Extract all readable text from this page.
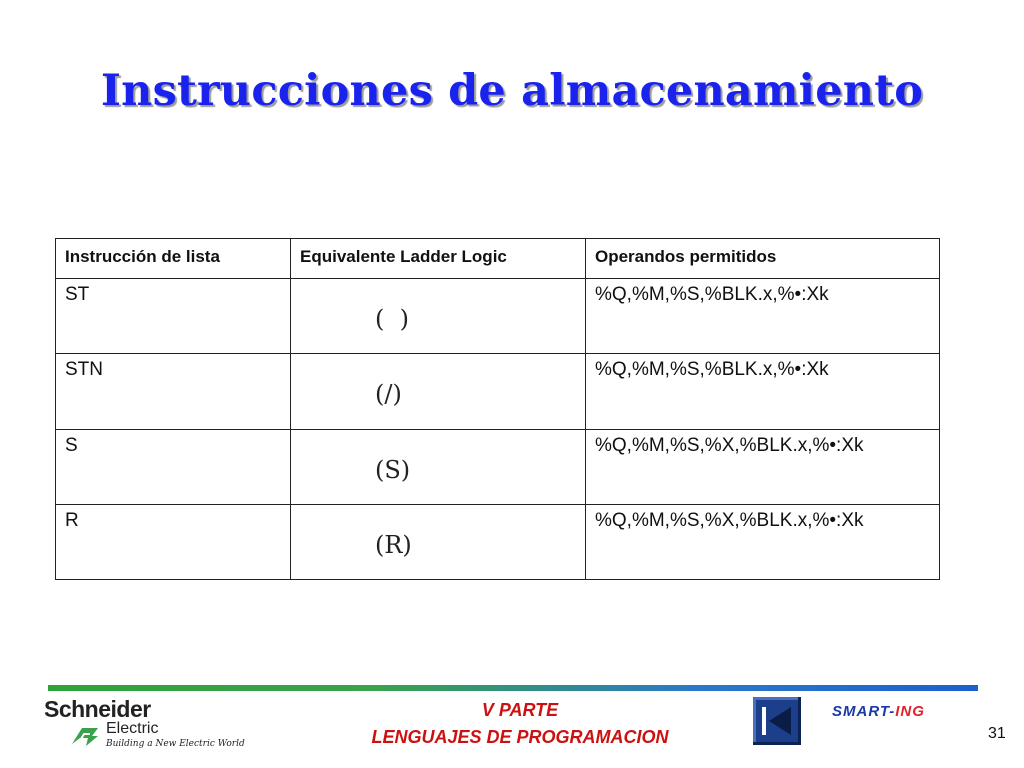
Instrucciones de almacenamiento
Instrucción de lista	Equivalente Ladder Logic	Operandos permitidos
ST	(  )	%Q,%M,%S,%BLK.x,%•:Xk
STN	(/)	%Q,%M,%S,%BLK.x,%•:Xk
S	(S)	%Q,%M,%S,%X,%BLK.x,%•:Xk
R	(R)	%Q,%M,%S,%X,%BLK.x,%•:Xk
Schneider
Electric
Building a New Electric World
V PARTE
LENGUAJES DE PROGRAMACION
SMART-ING
31
